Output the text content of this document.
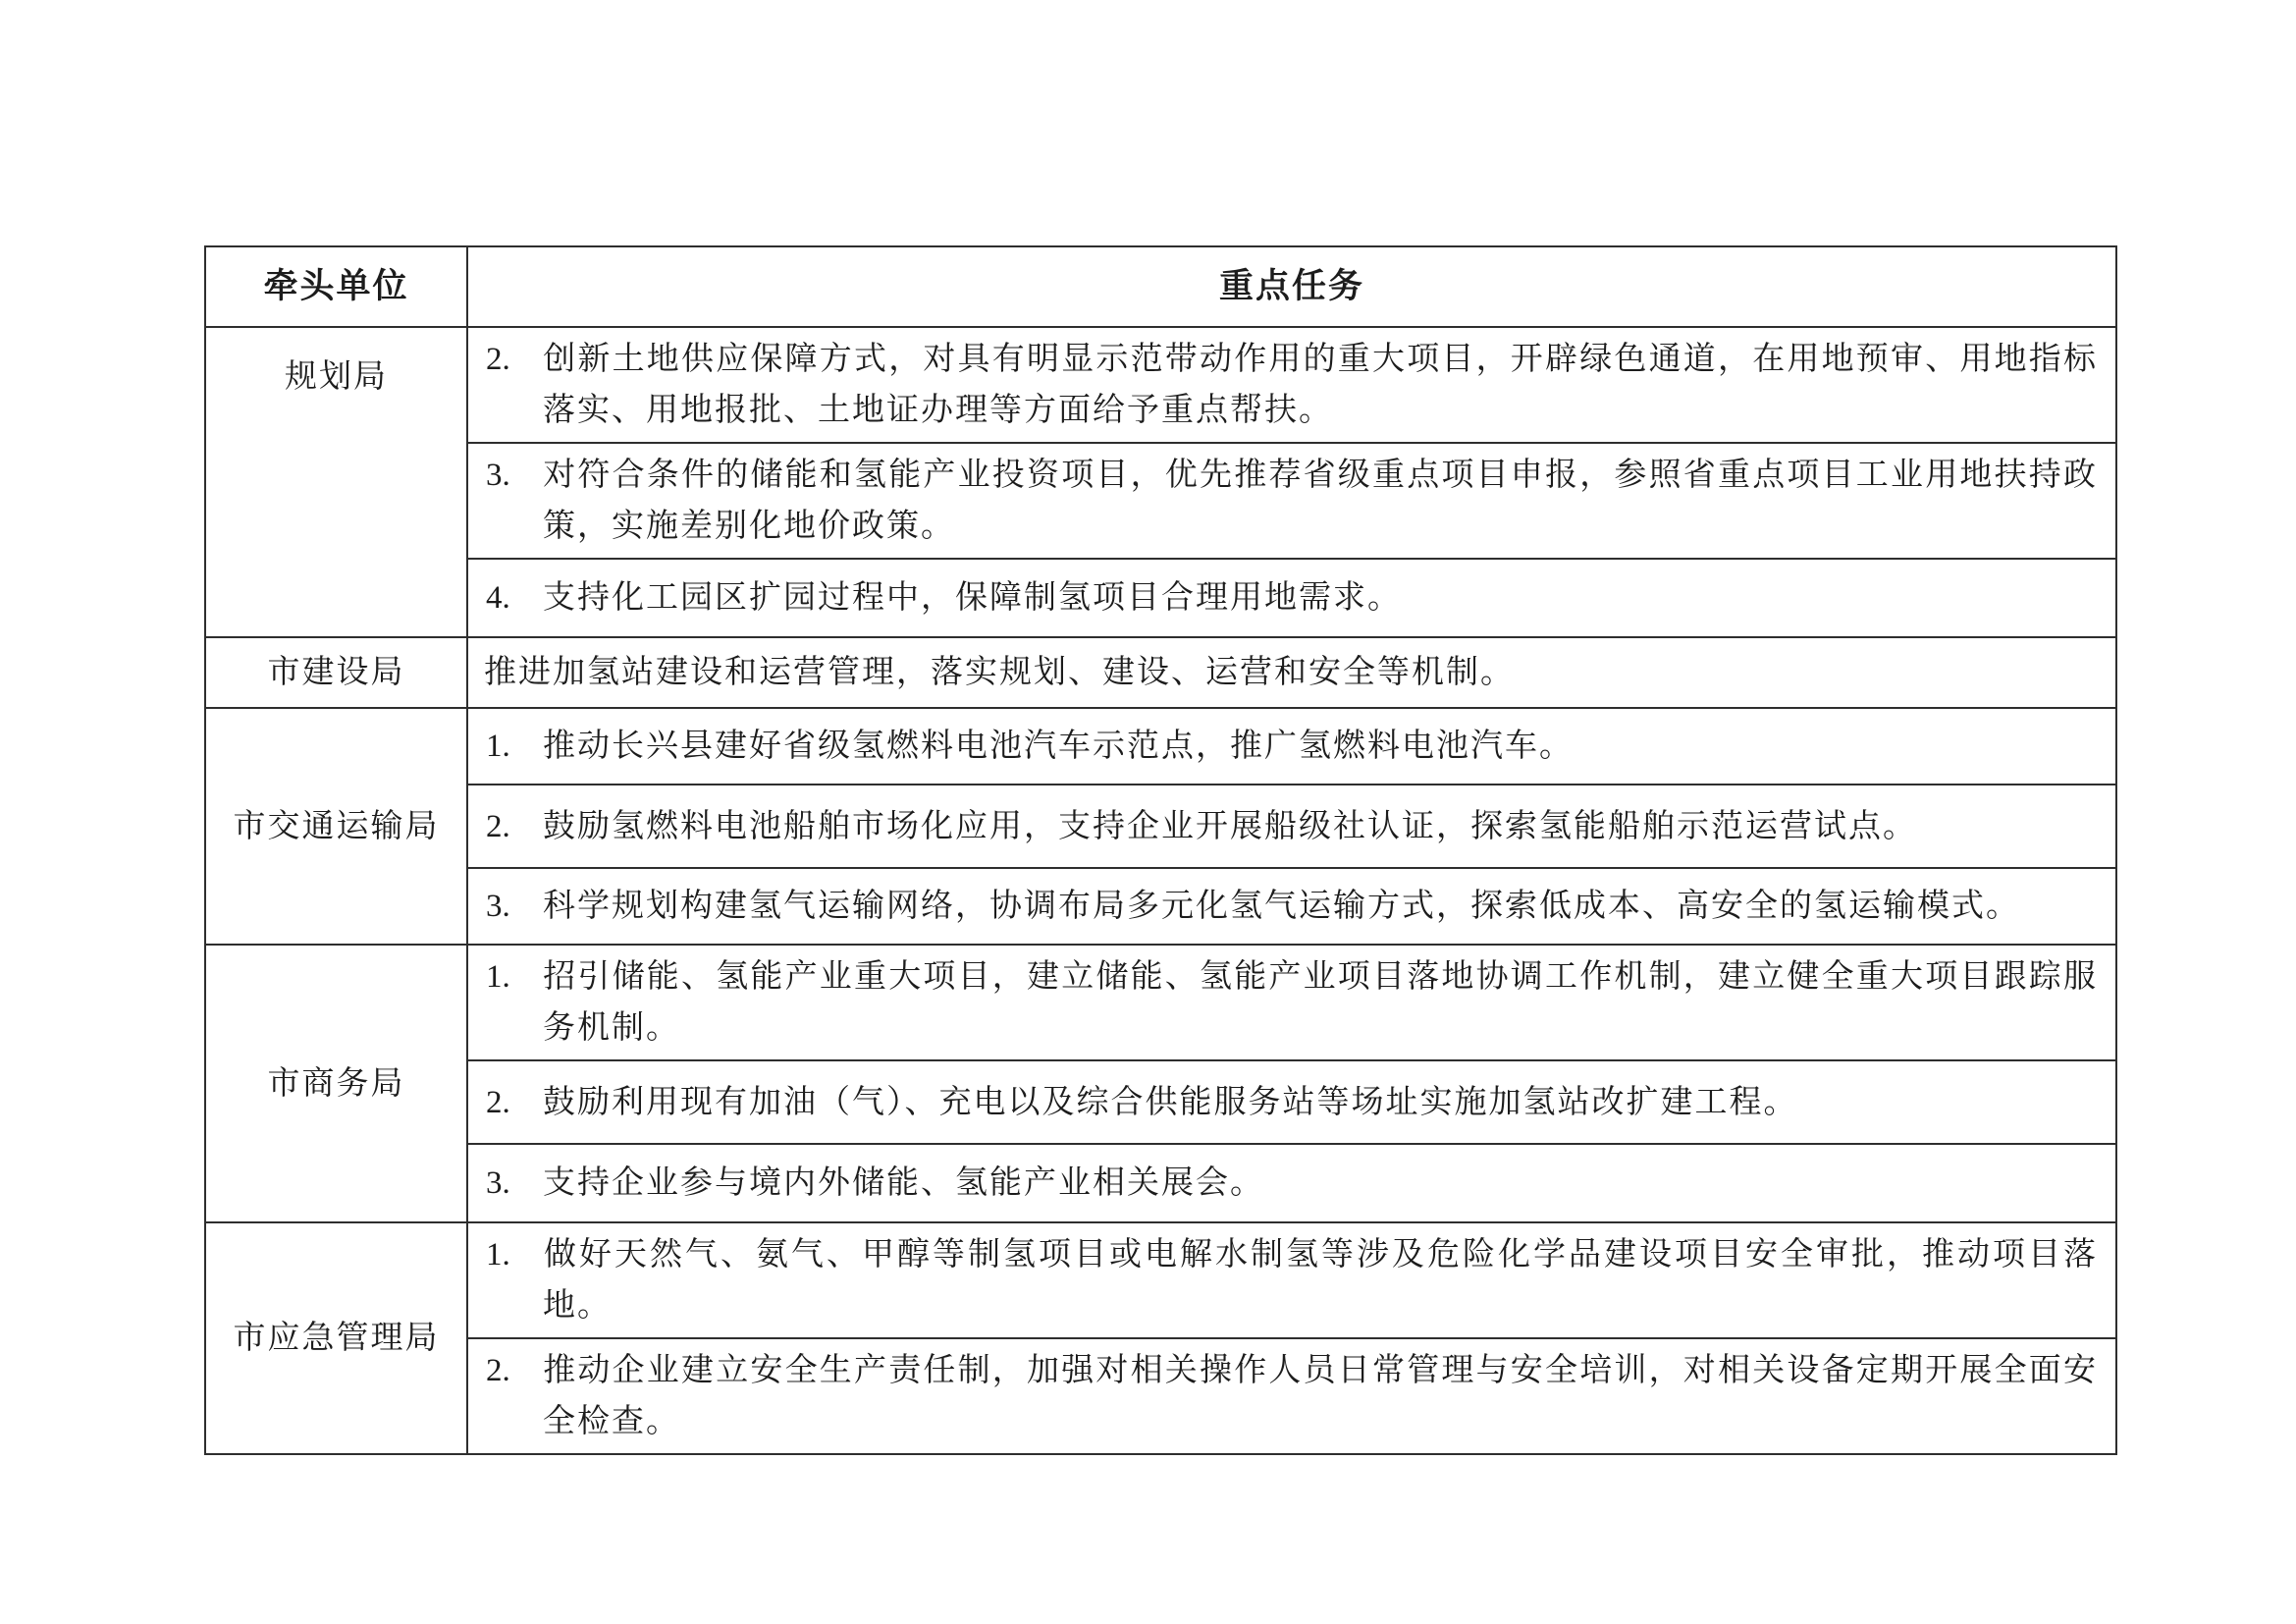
牵头单位	重点任务
规划局	2. 创新土地供应保障方式，对具有明显示范带动作用的重大项目，开辟绿色通道，在用地预审、用地指标落实、用地报批、土地证办理等方面给予重点帮扶。
	3. 对符合条件的储能和氢能产业投资项目，优先推荐省级重点项目申报，参照省重点项目工业用地扶持政策，实施差别化地价政策。
	4. 支持化工园区扩园过程中，保障制氢项目合理用地需求。
市建设局	推进加氢站建设和运营管理，落实规划、建设、运营和安全等机制。
市交通运输局	1. 推动长兴县建好省级氢燃料电池汽车示范点，推广氢燃料电池汽车。
	2. 鼓励氢燃料电池船舶市场化应用，支持企业开展船级社认证，探索氢能船舶示范运营试点。
	3. 科学规划构建氢气运输网络，协调布局多元化氢气运输方式，探索低成本、高安全的氢运输模式。
市商务局	1. 招引储能、氢能产业重大项目，建立储能、氢能产业项目落地协调工作机制，建立健全重大项目跟踪服务机制。
	2. 鼓励利用现有加油（气）、充电以及综合供能服务站等场址实施加氢站改扩建工程。
	3. 支持企业参与境内外储能、氢能产业相关展会。
市应急管理局	1. 做好天然气、氨气、甲醇等制氢项目或电解水制氢等涉及危险化学品建设项目安全审批，推动项目落地。
	2. 推动企业建立安全生产责任制，加强对相关操作人员日常管理与安全培训，对相关设备定期开展全面安全检查。
